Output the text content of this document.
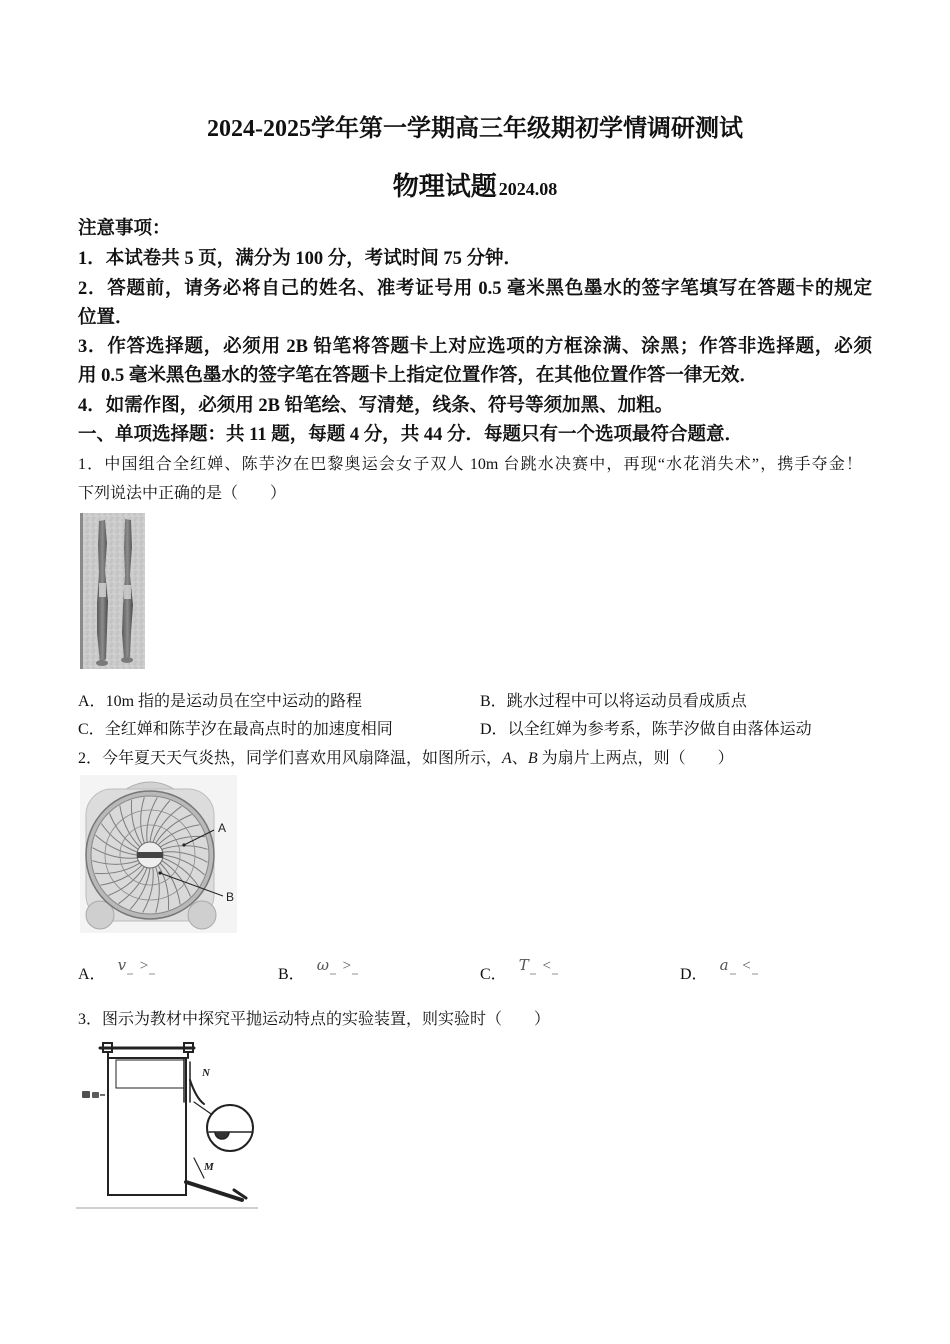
2024-2025学年第一学期高三年级期初学情调研测试
物理试题 2024.08
注意事项：
1．本试卷共 5 页，满分为 100 分，考试时间 75 分钟．
2．答题前，请务必将自己的姓名、准考证号用 0.5 毫米黑色墨水的签字笔填写在答题卡的规定
位置．
3．作答选择题，必须用 2B 铅笔将答题卡上对应选项的方框涂满、涂黑；作答非选择题，必须
用 0.5 毫米黑色墨水的签字笔在答题卡上指定位置作答，在其他位置作答一律无效．
4．如需作图，必须用 2B 铅笔绘、写清楚，线条、符号等须加黑、加粗。
一、单项选择题：共 11 题，每题 4 分，共 44 分．每题只有一个选项最符合题意．
1．中国组合全红婵、陈芋汐在巴黎奥运会女子双人 10m 台跳水决赛中，再现“水花消失术”，携手夺金！
下列说法中正确的是（　　）
A．10m 指的是运动员在空中运动的路程	B．跳水过程中可以将运动员看成质点
C．全红婵和陈芋汐在最高点时的加速度相同	D．以全红婵为参考系，陈芋汐做自由落体运动
2．今年夏天天气炎热，同学们喜欢用风扇降温，如图所示，A、B 为扇片上两点，则（　　）
A
B
A．v >	B．ω >	C．T <	D．a <
3．图示为教材中探究平抛运动特点的实验装置，则实验时（　　）
N
M
